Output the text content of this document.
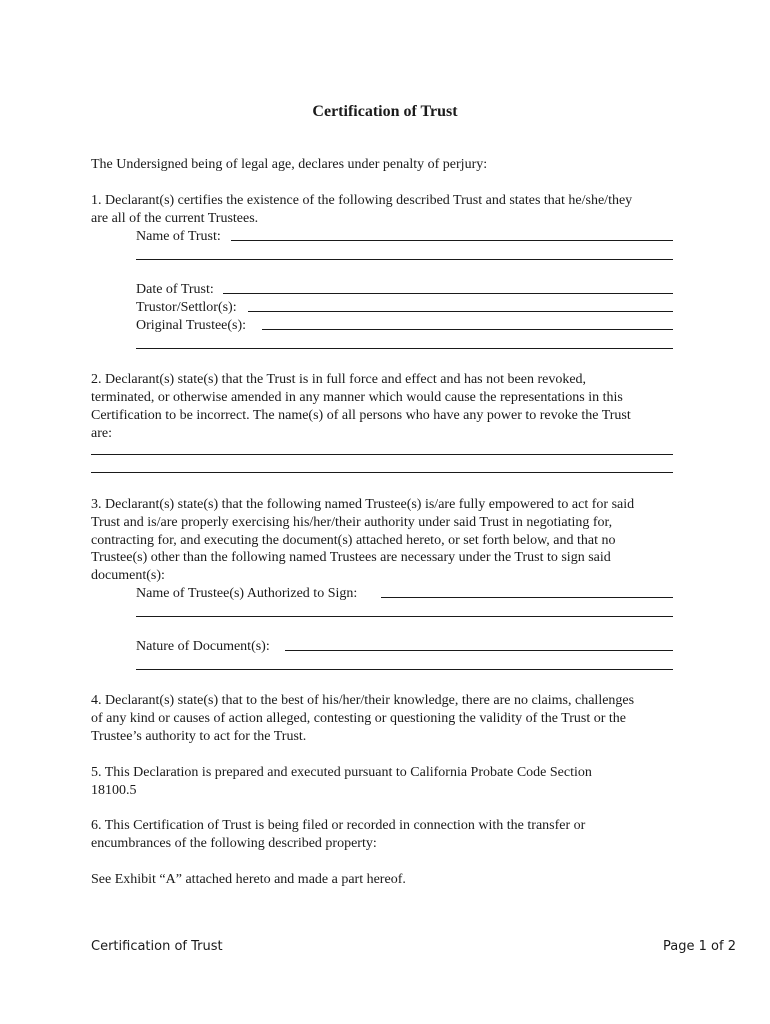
Certification of Trust
The Undersigned being of legal age, declares under penalty of perjury:
1. Declarant(s) certifies the existence of the following described Trust and states that he/she/they
are all of the current Trustees.
Name of Trust:
Date of Trust:
Trustor/Settlor(s):
Original Trustee(s):
2. Declarant(s) state(s) that the Trust is in full force and effect and has not been revoked,
terminated, or otherwise amended in any manner which would cause the representations in this
Certification to be incorrect. The name(s) of all persons who have any power to revoke the Trust
are:
3. Declarant(s) state(s) that the following named Trustee(s) is/are fully empowered to act for said
Trust and is/are properly exercising his/her/their authority under said Trust in negotiating for,
contracting for, and executing the document(s) attached hereto, or set forth below, and that no
Trustee(s) other than the following named Trustees are necessary under the Trust to sign said
document(s):
Name of Trustee(s) Authorized to Sign:
Nature of Document(s):
4. Declarant(s) state(s) that to the best of his/her/their knowledge, there are no claims, challenges
of any kind or causes of action alleged, contesting or questioning the validity of the Trust or the
Trustee’s authority to act for the Trust.
5. This Declaration is prepared and executed pursuant to California Probate Code Section
18100.5
6. This Certification of Trust is being filed or recorded in connection with the transfer or
encumbrances of the following described property:
See Exhibit “A” attached hereto and made a part hereof.
Certification of Trust	Page 1 of 2
